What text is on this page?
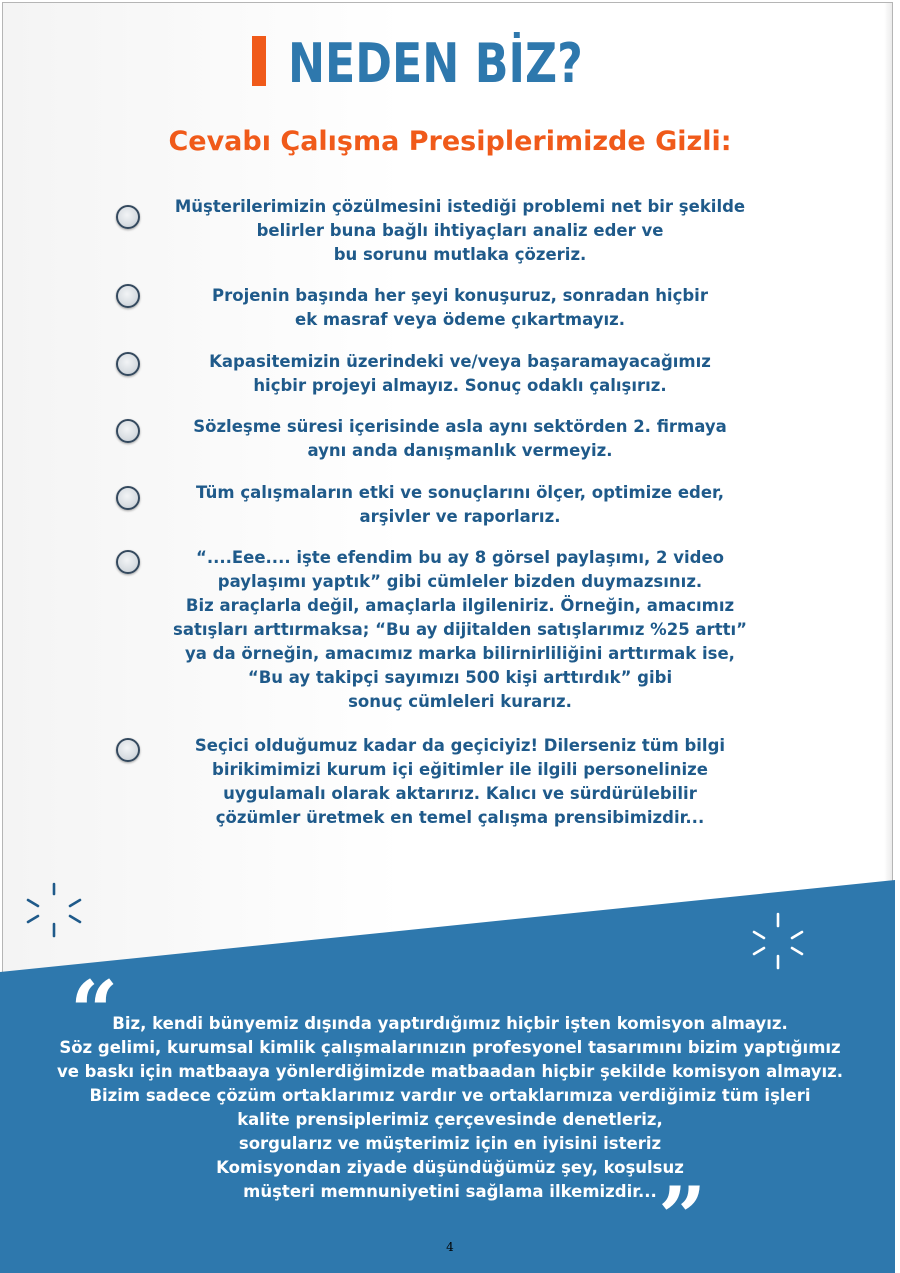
NEDEN BİZ?
Cevabı Çalışma Presiplerimizde Gizli:

Müşterilerimizin çözülmesini istediği problemi net bir şekilde
belirler buna bağlı ihtiyaçları analiz eder ve
bu sorunu mutlaka çözeriz.

Projenin başında her şeyi konuşuruz, sonradan hiçbir
ek masraf veya ödeme çıkartmayız.

Kapasitemizin üzerindeki ve/veya başaramayacağımız
hiçbir projeyi almayız. Sonuç odaklı çalışırız.

Sözleşme süresi içerisinde asla aynı sektörden 2. firmaya
aynı anda danışmanlık vermeyiz.

Tüm çalışmaların etki ve sonuçlarını ölçer, optimize eder,
arşivler ve raporlarız.

“....Eee.... işte efendim bu ay 8 görsel paylaşımı, 2 video
paylaşımı yaptık” gibi cümleler bizden duymazsınız.
Biz araçlarla değil, amaçlarla ilgileniriz. Örneğin, amacımız
satışları arttırmaksa; “Bu ay dijitalden satışlarımız %25 arttı”
ya da örneğin, amacımız marka bilirnirliliğini arttırmak ise,
“Bu ay takipçi sayımızı 500 kişi arttırdık” gibi
sonuç cümleleri kurarız.

Seçici olduğumuz kadar da geçiciyiz! Dilerseniz tüm bilgi
birikimimizi kurum içi eğitimler ile ilgili personelinize
uygulamalı olarak aktarırız. Kalıcı ve sürdürülebilir
çözümler üretmek en temel çalışma prensibimizdir...

“
”

Biz, kendi bünyemiz dışında yaptırdığımız hiçbir işten komisyon almayız.
Söz gelimi, kurumsal kimlik çalışmalarınızın profesyonel tasarımını bizim yaptığımız
ve baskı için matbaaya yönlerdiğimizde matbaadan hiçbir şekilde komisyon almayız.
Bizim sadece çözüm ortaklarımız vardır ve ortaklarımıza verdiğimiz tüm işleri
kalite prensiplerimiz çerçevesinde denetleriz,
sorgularız ve müşterimiz için en iyisini isteriz
Komisyondan ziyade düşündüğümüz şey, koşulsuz
müşteri memnuniyetini sağlama ilkemizdir...

4
